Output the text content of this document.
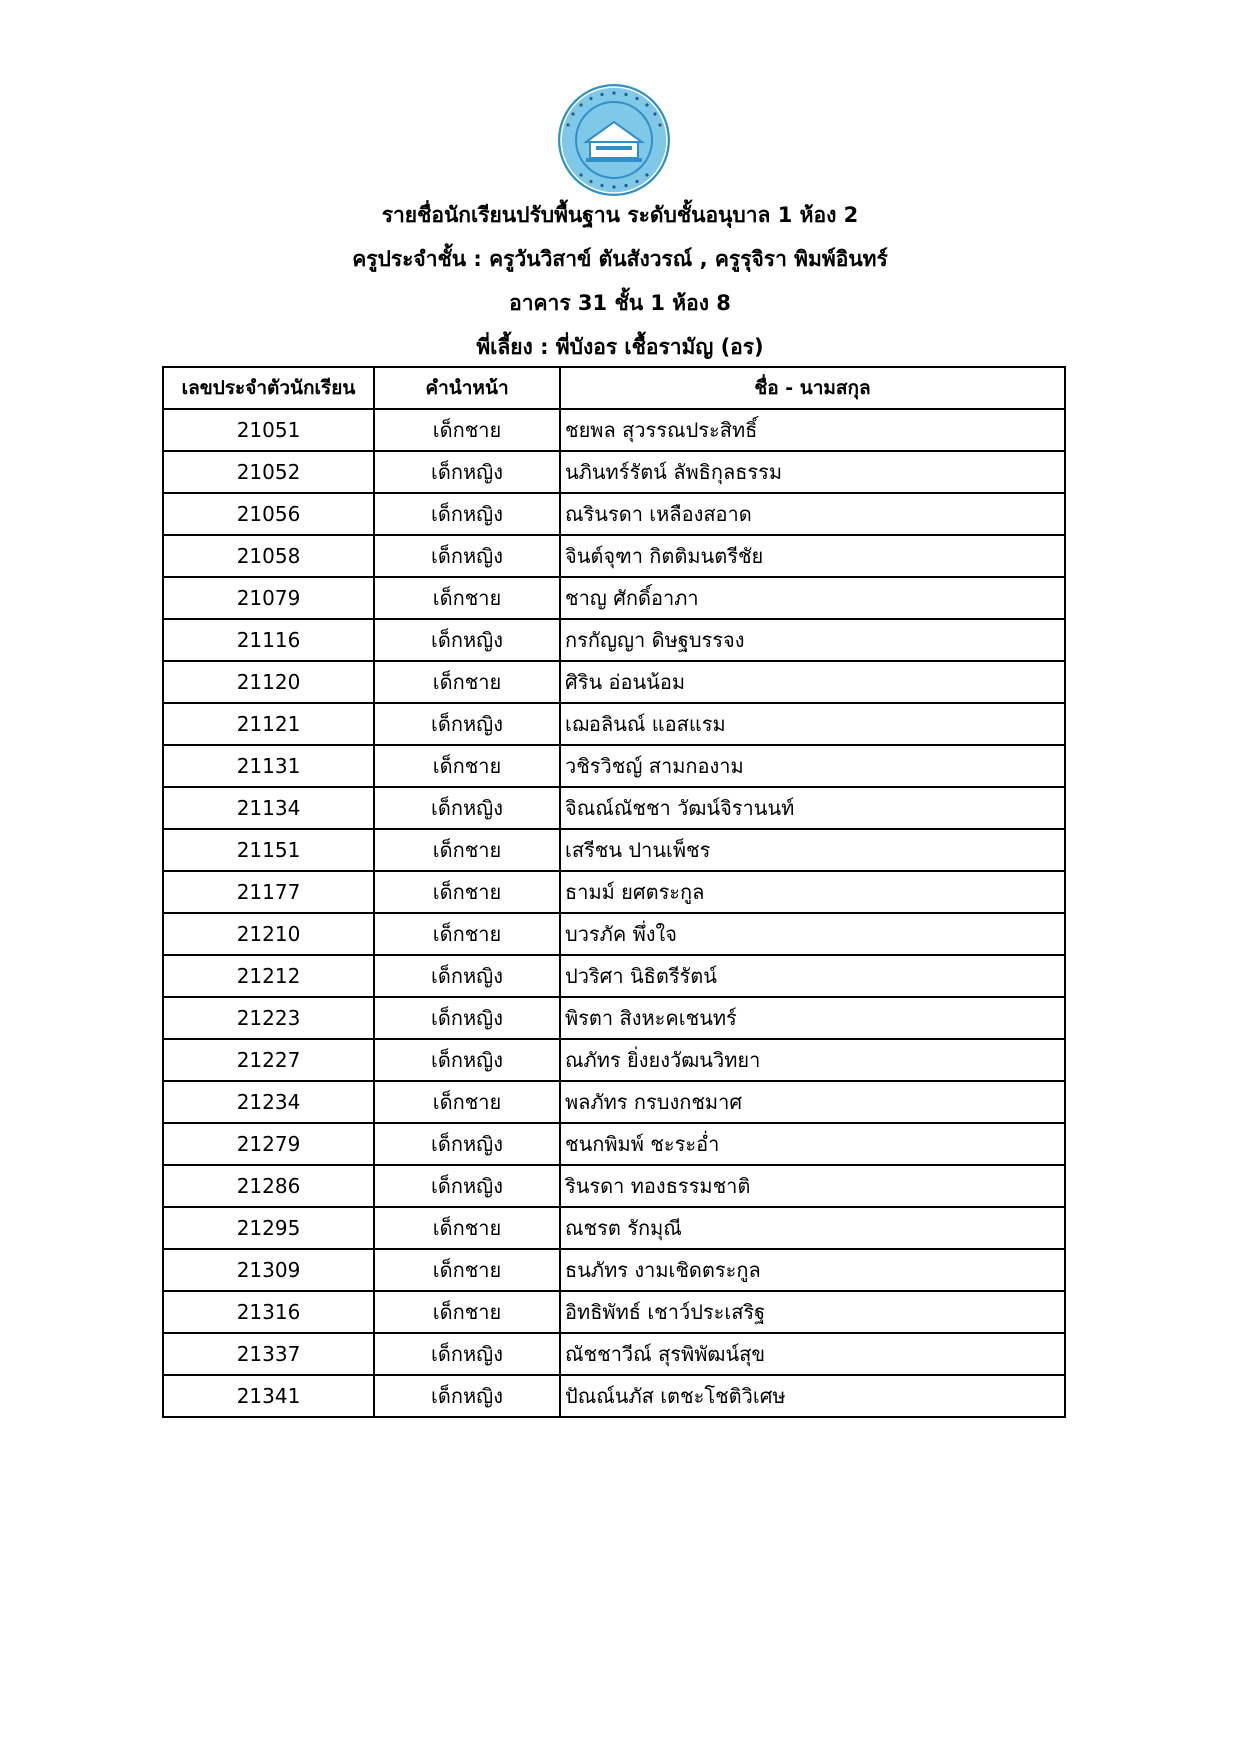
รายชื่อนักเรียนปรับพื้นฐาน ระดับชั้นอนุบาล 1 ห้อง 2
ครูประจำชั้น : ครูวันวิสาข์ ตันสังวรณ์ , ครูรุจิรา พิมพ์อินทร์
อาคาร 31 ชั้น 1 ห้อง 8
พี่เลี้ยง : พี่บังอร เชื้อรามัญ (อร)
เลขประจำตัวนักเรียน	คำนำหน้า	ชื่อ - นามสกุล
21051	เด็กชาย	ชยพล สุวรรณประสิทธิ์
21052	เด็กหญิง	นภินทร์รัตน์ ลัพธิกุลธรรม
21056	เด็กหญิง	ณรินรดา เหลืองสอาด
21058	เด็กหญิง	จินต์จุฑา กิตติมนตรีชัย
21079	เด็กชาย	ชาญ ศักดิ์อาภา
21116	เด็กหญิง	กรกัญญา ดิษฐบรรจง
21120	เด็กชาย	ศิริน อ่อนน้อม
21121	เด็กหญิง	เฌอลินณ์ แอสแรม
21131	เด็กชาย	วชิรวิชญ์ สามกองาม
21134	เด็กหญิง	จิณณ์ณัชชา วัฒน์จิรานนท์
21151	เด็กชาย	เสรีชน ปานเพ็ชร
21177	เด็กชาย	ธามม์ ยศตระกูล
21210	เด็กชาย	บวรภัค พึ่งใจ
21212	เด็กหญิง	ปวริศา นิธิตรีรัตน์
21223	เด็กหญิง	พิรตา สิงหะคเชนทร์
21227	เด็กหญิง	ณภัทร ยิ่งยงวัฒนวิทยา
21234	เด็กชาย	พลภัทร กรบงกชมาศ
21279	เด็กหญิง	ชนกพิมพ์ ชะระอ่ำ
21286	เด็กหญิง	รินรดา ทองธรรมชาติ
21295	เด็กชาย	ณชรต รักมุณี
21309	เด็กชาย	ธนภัทร งามเชิดตระกูล
21316	เด็กชาย	อิทธิพัทธ์ เชาว์ประเสริฐ
21337	เด็กหญิง	ณัชชาวีณ์ สุรพิพัฒน์สุข
21341	เด็กหญิง	ปัณณ์นภัส เตชะโชติวิเศษ
